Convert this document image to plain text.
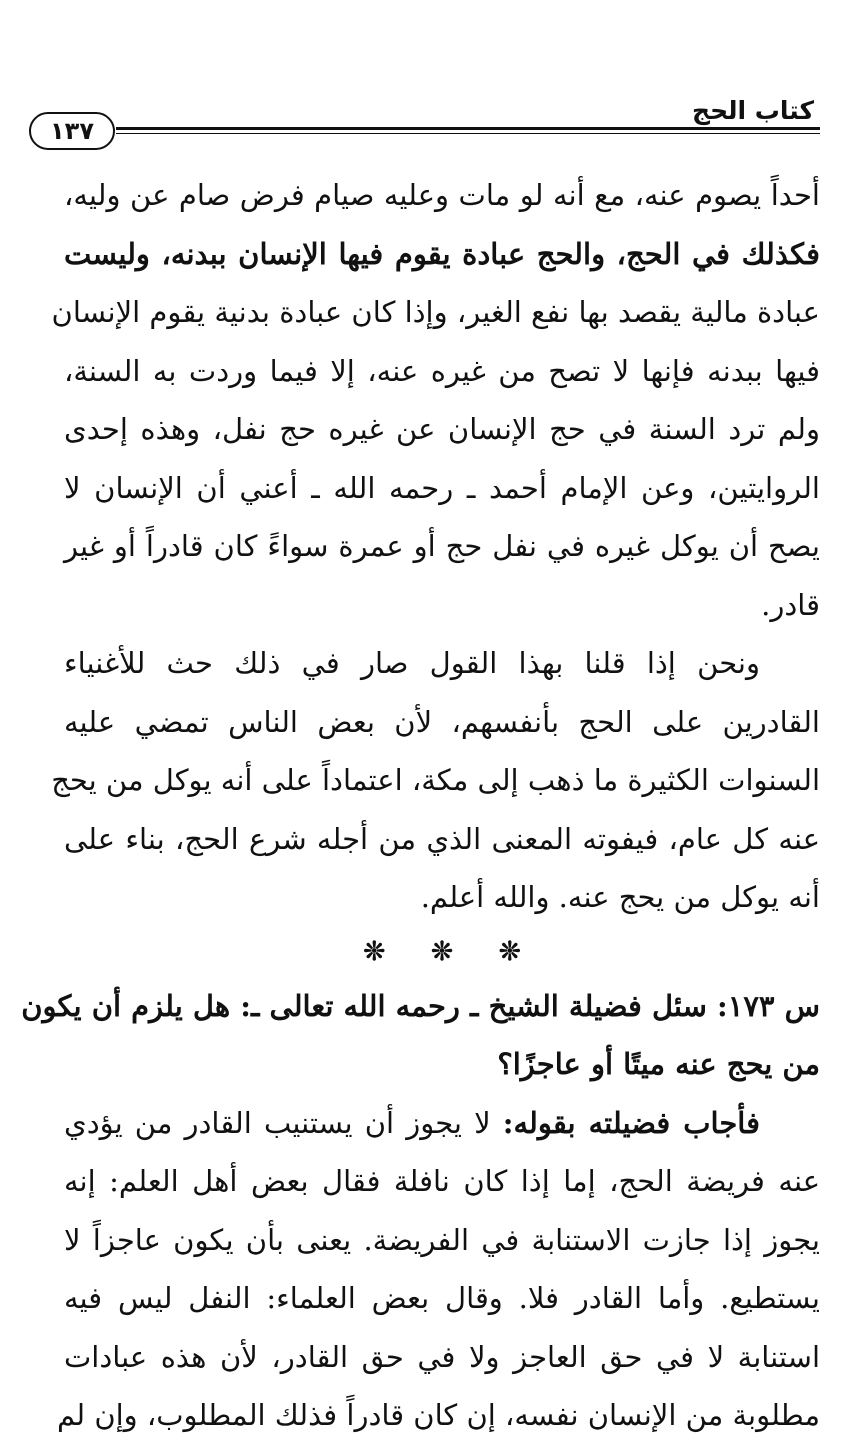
كتاب الحج
١٣٧
أحداً يصوم عنه، مع أنه لو مات وعليه صيام فرض صام عن وليه،
فكذلك في الحج، والحج عبادة يقوم فيها الإنسان ببدنه، وليست
عبادة مالية يقصد بها نفع الغير، وإذا كان عبادة بدنية يقوم الإنسان
فيها ببدنه فإنها لا تصح من غيره عنه، إلا فيما وردت به السنة،
ولم ترد السنة في حج الإنسان عن غيره حج نفل، وهذه إحدى
الروايتين، وعن الإمام أحمد ـ رحمه الله ـ أعني أن الإنسان لا
يصح أن يوكل غيره في نفل حج أو عمرة سواءً كان قادراً أو غير
قادر.
ونحن إذا قلنا بهذا القول صار في ذلك حث للأغنياء
القادرين على الحج بأنفسهم، لأن بعض الناس تمضي عليه
السنوات الكثيرة ما ذهب إلى مكة، اعتماداً على أنه يوكل من يحج
عنه كل عام، فيفوته المعنى الذي من أجله شرع الحج، بناء على
أنه يوكل من يحج عنه. والله أعلم.
❊
❊
❊
س ١٧٣: سئل فضيلة الشيخ ـ رحمه الله تعالى ـ: هل يلزم أن يكون
من يحج عنه ميتًا أو عاجزًا؟
فأجاب فضيلته بقوله: لا يجوز أن يستنيب القادر من يؤدي
عنه فريضة الحج، إما إذا كان نافلة فقال بعض أهل العلم: إنه
يجوز إذا جازت الاستنابة في الفريضة. يعنى بأن يكون عاجزاً لا
يستطيع. وأما القادر فلا. وقال بعض العلماء: النفل ليس فيه
استنابة لا في حق العاجز ولا في حق القادر، لأن هذه عبادات
مطلوبة من الإنسان نفسه، إن كان قادراً فذلك المطلوب، وإن لم
